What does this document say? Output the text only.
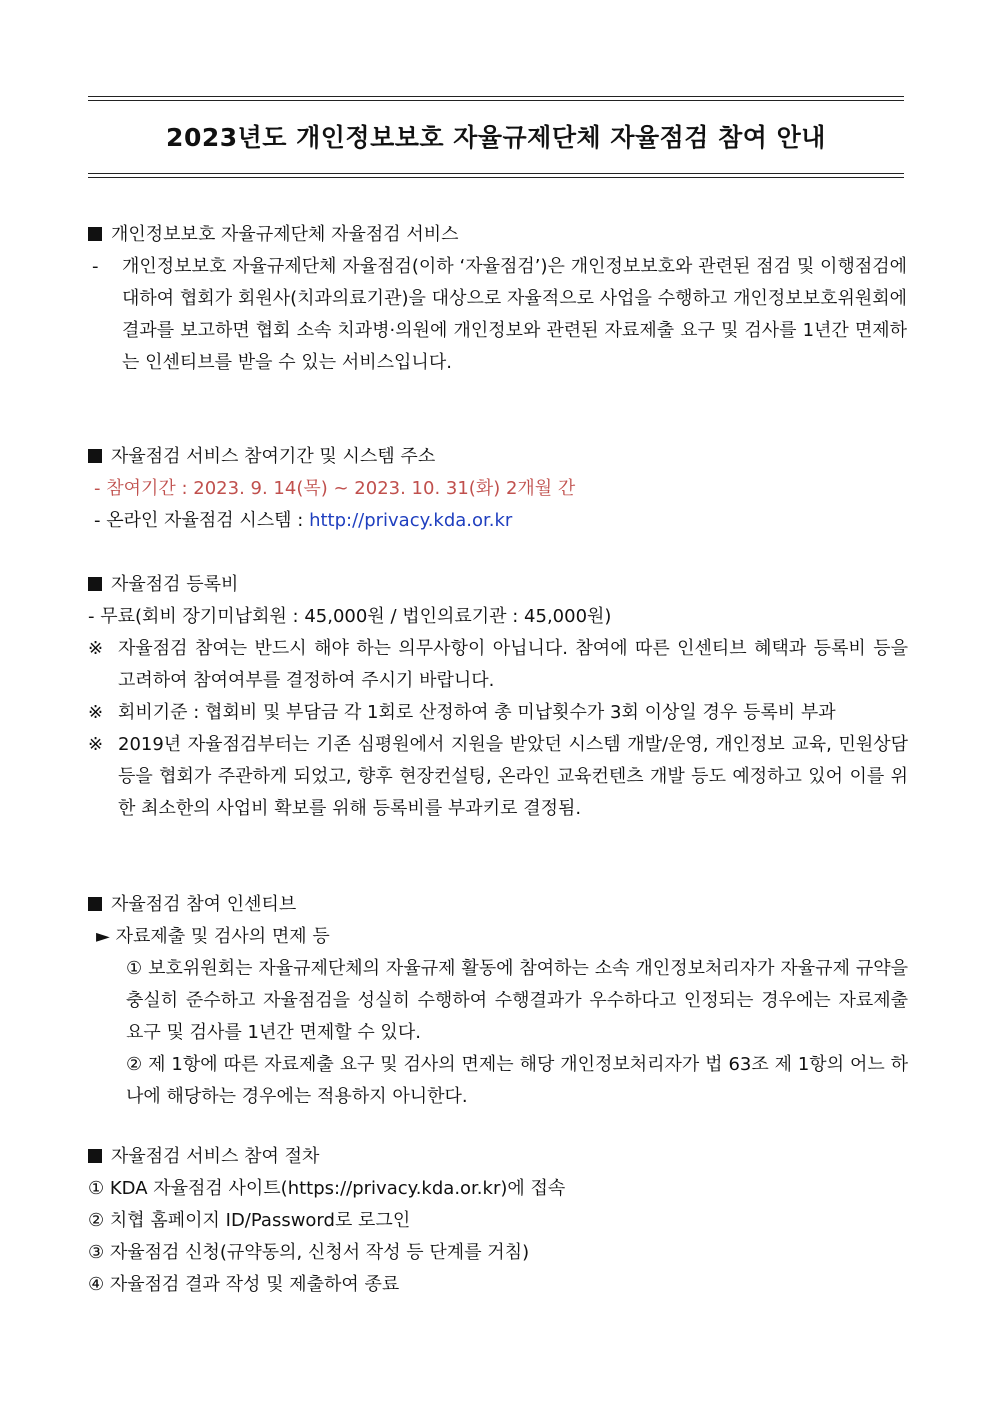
2023년도 개인정보보호 자율규제단체 자율점검 참여 안내
개인정보보호 자율규제단체 자율점검 서비스
- 개인정보보호 자율규제단체 자율점검(이하 ‘자율점검’)은 개인정보보호와 관련된 점검 및 이행점검에 대하여 협회가 회원사(치과의료기관)을 대상으로 자율적으로 사업을 수행하고 개인정보보호위원회에 결과를 보고하면 협회 소속 치과병·의원에 개인정보와 관련된 자료제출 요구 및 검사를 1년간 면제하는 인센티브를 받을 수 있는 서비스입니다.
자율점검 서비스 참여기간 및 시스템 주소
- 참여기간 : 2023. 9. 14(목) ~ 2023. 10. 31(화) 2개월 간
- 온라인 자율점검 시스템 : http://privacy.kda.or.kr
자율점검 등록비
- 무료(회비 장기미납회원 : 45,000원 / 법인의료기관 : 45,000원)
※ 자율점검 참여는 반드시 해야 하는 의무사항이 아닙니다. 참여에 따른 인센티브 혜택과 등록비 등을 고려하여 참여여부를 결정하여 주시기 바랍니다.
※ 회비기준 : 협회비 및 부담금 각 1회로 산정하여 총 미납횟수가 3회 이상일 경우 등록비 부과
※ 2019년 자율점검부터는 기존 심평원에서 지원을 받았던 시스템 개발/운영, 개인정보 교육, 민원상담 등을 협회가 주관하게 되었고, 향후 현장컨설팅, 온라인 교육컨텐츠 개발 등도 예정하고 있어 이를 위한 최소한의 사업비 확보를 위해 등록비를 부과키로 결정됨.
자율점검 참여 인센티브
► 자료제출 및 검사의 면제 등
① 보호위원회는 자율규제단체의 자율규제 활동에 참여하는 소속 개인정보처리자가 자율규제 규약을 충실히 준수하고 자율점검을 성실히 수행하여 수행결과가 우수하다고 인정되는 경우에는 자료제출 요구 및 검사를 1년간 면제할 수 있다.
② 제 1항에 따른 자료제출 요구 및 검사의 면제는 해당 개인정보처리자가 법 63조 제 1항의 어느 하나에 해당하는 경우에는 적용하지 아니한다.
자율점검 서비스 참여 절차
① KDA 자율점검 사이트(https://privacy.kda.or.kr)에 접속
② 치협 홈페이지 ID/Password로 로그인
③ 자율점검 신청(규약동의, 신청서 작성 등 단계를 거침)
④ 자율점검 결과 작성 및 제출하여 종료
